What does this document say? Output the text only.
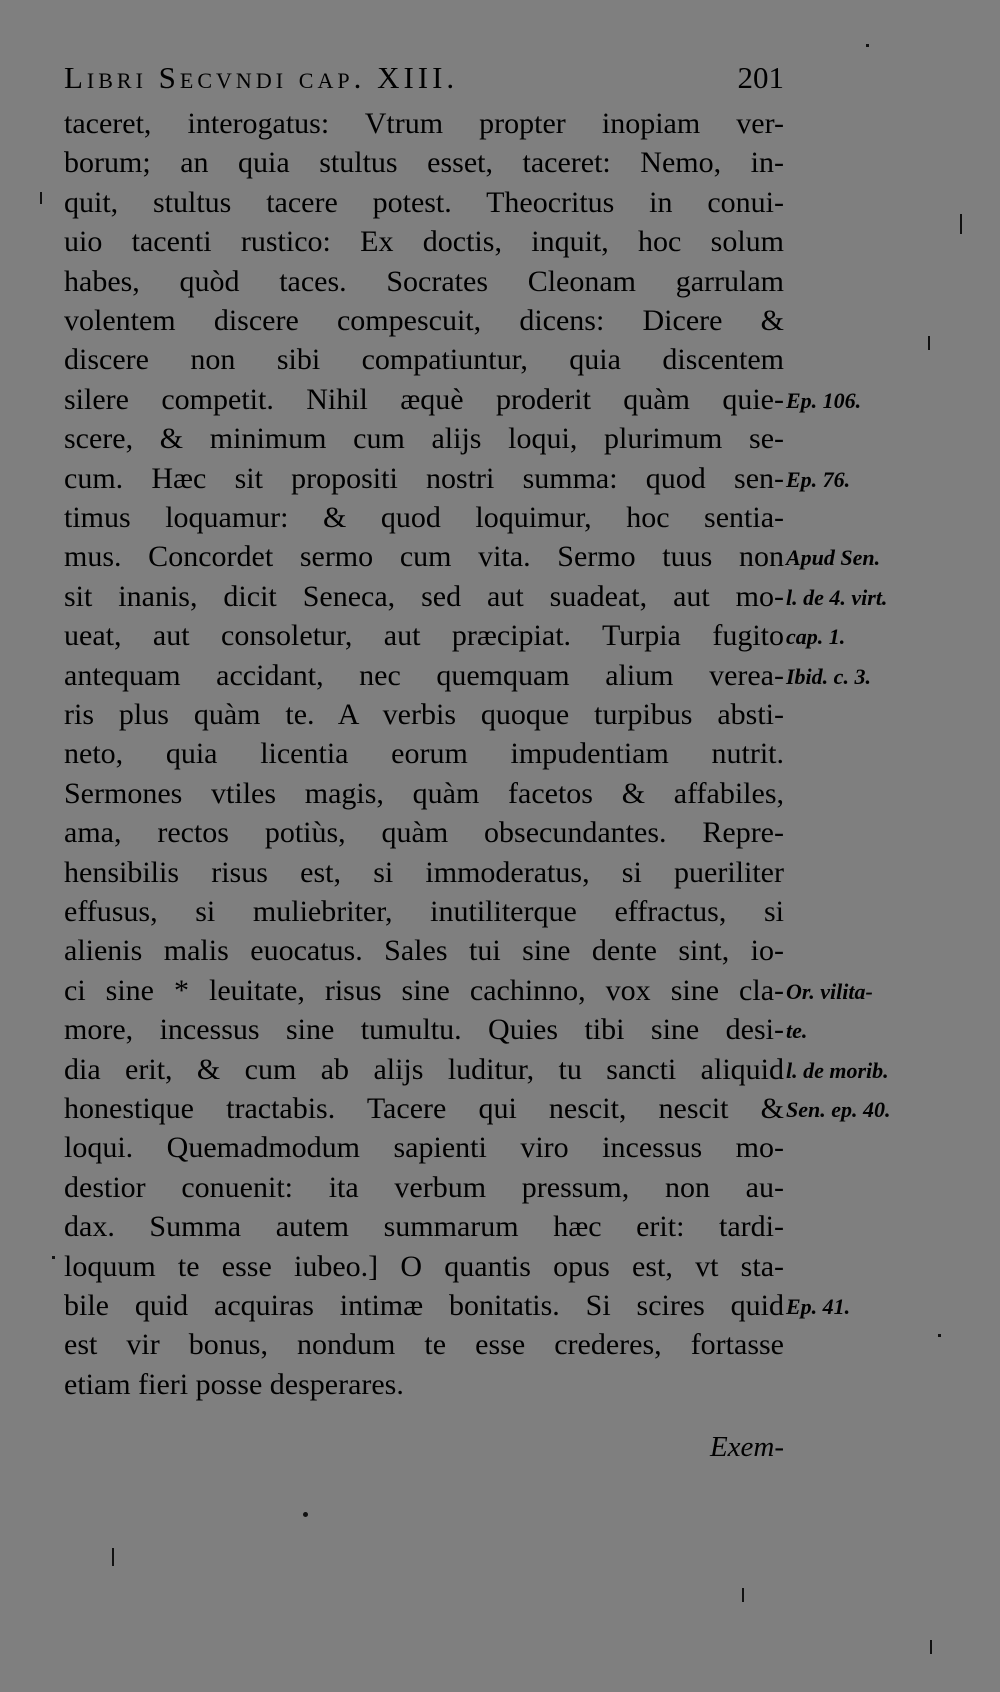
Libri Secvndi cap. XIII.	201
taceret, interogatus: Vtrum propter inopiam ver-
borum; an quia stultus esset, taceret: Nemo, in-
quit, stultus tacere potest. Theocritus in conui-
uio tacenti rustico: Ex doctis, inquit, hoc solum
habes, quòd taces. Socrates Cleonam garrulam
volentem discere compescuit, dicens: Dicere &
discere non sibi compatiuntur, quia discentem
silere competit. Nihil æquè proderit quàm quie-
scere, & minimum cum alijs loqui, plurimum se-
cum. Hæc sit propositi nostri summa: quod sen-
timus loquamur: & quod loquimur, hoc sentia-
mus. Concordet sermo cum vita. Sermo tuus non
sit inanis, dicit Seneca, sed aut suadeat, aut mo-
ueat, aut consoletur, aut præcipiat. Turpia fugito
antequam accidant, nec quemquam alium verea-
ris plus quàm te. A verbis quoque turpibus absti-
neto, quia licentia eorum impudentiam nutrit.
Sermones vtiles magis, quàm facetos & affabiles,
ama, rectos potiùs, quàm obsecundantes. Repre-
hensibilis risus est, si immoderatus, si pueriliter
effusus, si muliebriter, inutiliterque effractus, si
alienis malis euocatus. Sales tui sine dente sint, io-
ci sine * leuitate, risus sine cachinno, vox sine cla-
more, incessus sine tumultu. Quies tibi sine desi-
dia erit, & cum ab alijs luditur, tu sancti aliquid
honestique tractabis. Tacere qui nescit, nescit &
loqui. Quemadmodum sapienti viro incessus mo-
destior conuenit: ita verbum pressum, non au-
dax. Summa autem summarum hæc erit: tardi-
loquum te esse iubeo.] O quantis opus est, vt sta-
bile quid acquiras intimæ bonitatis. Si scires quid
est vir bonus, nondum te esse crederes, fortasse
etiam fieri posse desperares.
Ep. 106.
Ep. 76.
Apud Sen.
l. de 4. virt.
cap. 1.
Ibid. c. 3.
Or. vilita-
te.
l. de morib.
Sen. ep. 40.
Ep. 41.
Exem-
